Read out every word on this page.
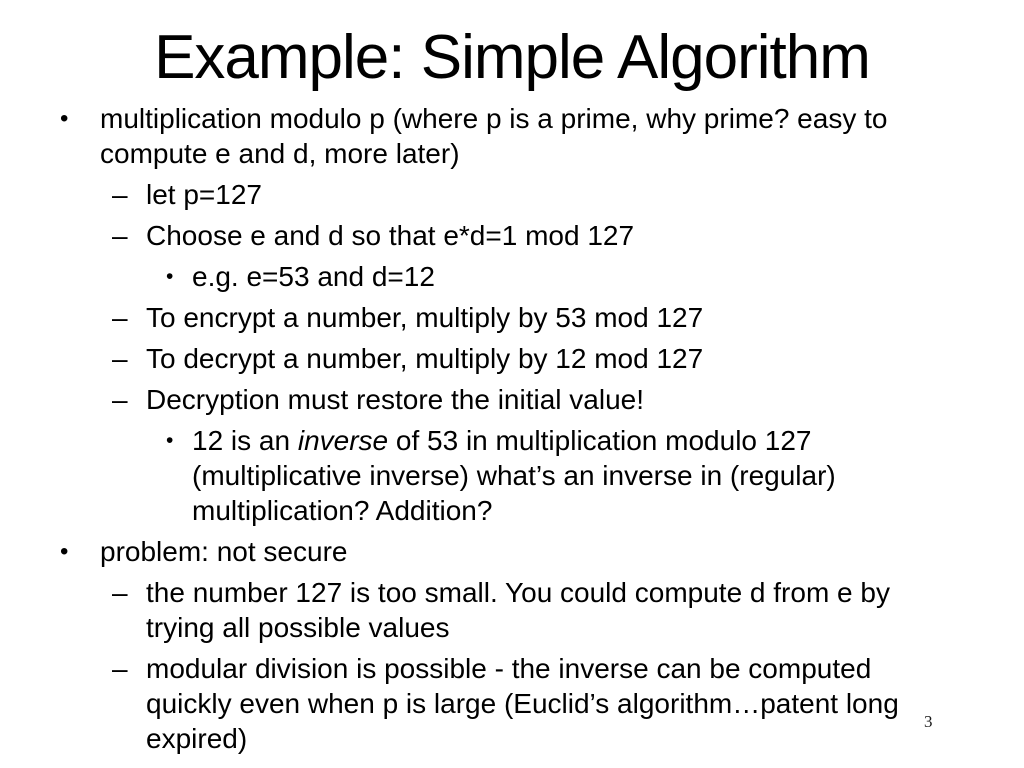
Example: Simple Algorithm
• multiplication modulo p (where p is a prime, why prime? easy to
compute e and d, more later)
– let p=127
– Choose e and d so that e*d=1 mod 127
• e.g. e=53 and d=12
– To encrypt a number, multiply by 53 mod 127
– To decrypt a number, multiply by 12 mod 127
– Decryption must restore the initial value!
• 12 is an inverse of 53 in multiplication modulo 127
(multiplicative inverse) what’s an inverse in (regular)
multiplication? Addition?
• problem: not secure
– the number 127 is too small. You could compute d from e by
trying all possible values
– modular division is possible - the inverse can be computed
quickly even when p is large (Euclid’s algorithm…patent long
expired)
3
